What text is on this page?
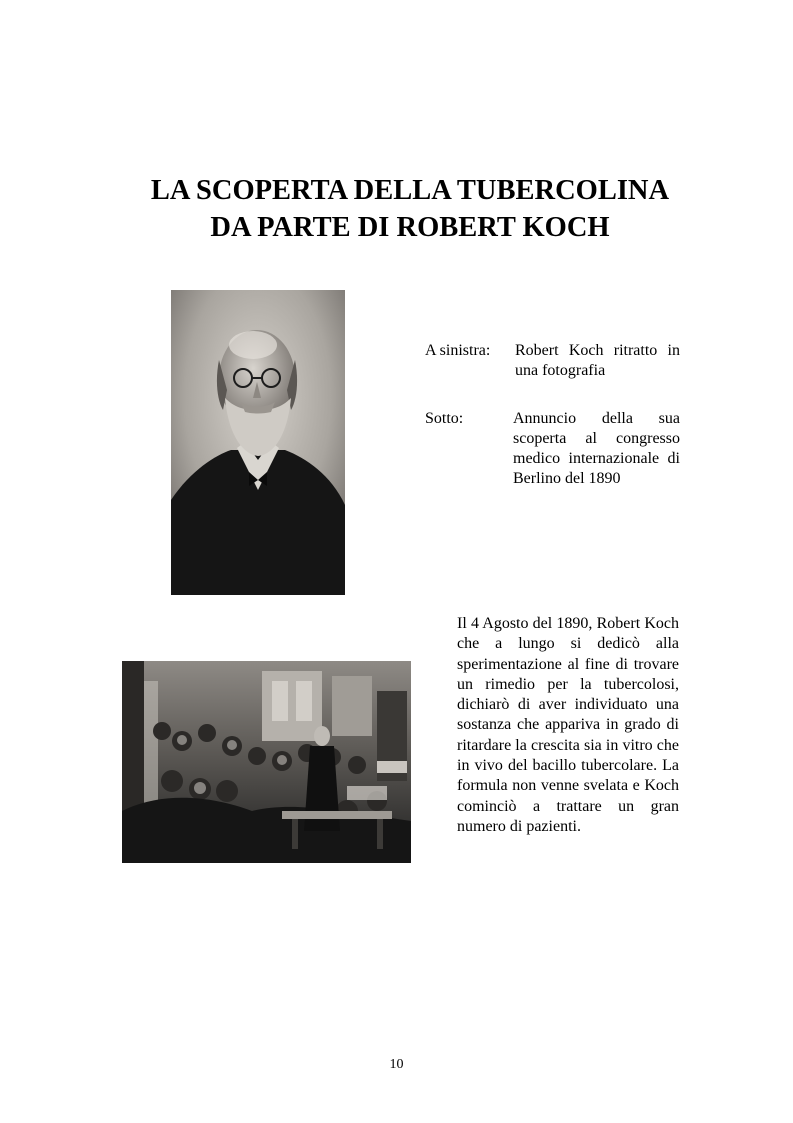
LA SCOPERTA DELLA TUBERCOLINA
DA PARTE DI ROBERT KOCH
A sinistra: Robert Koch ritratto in una fotografia
Sotto:	Annuncio della sua scoperta al congresso medico internazionale di Berlino del 1890
Il 4 Agosto del 1890, Robert Koch che a lungo si dedicò alla sperimentazione al fine di trovare un rimedio per la tubercolosi, dichiarò di aver individuato una sostanza che appariva in grado di ritardare la crescita sia in vitro che in vivo del bacillo tubercolare. La formula non venne svelata e Koch cominciò a trattare un gran numero di pazienti.
10
